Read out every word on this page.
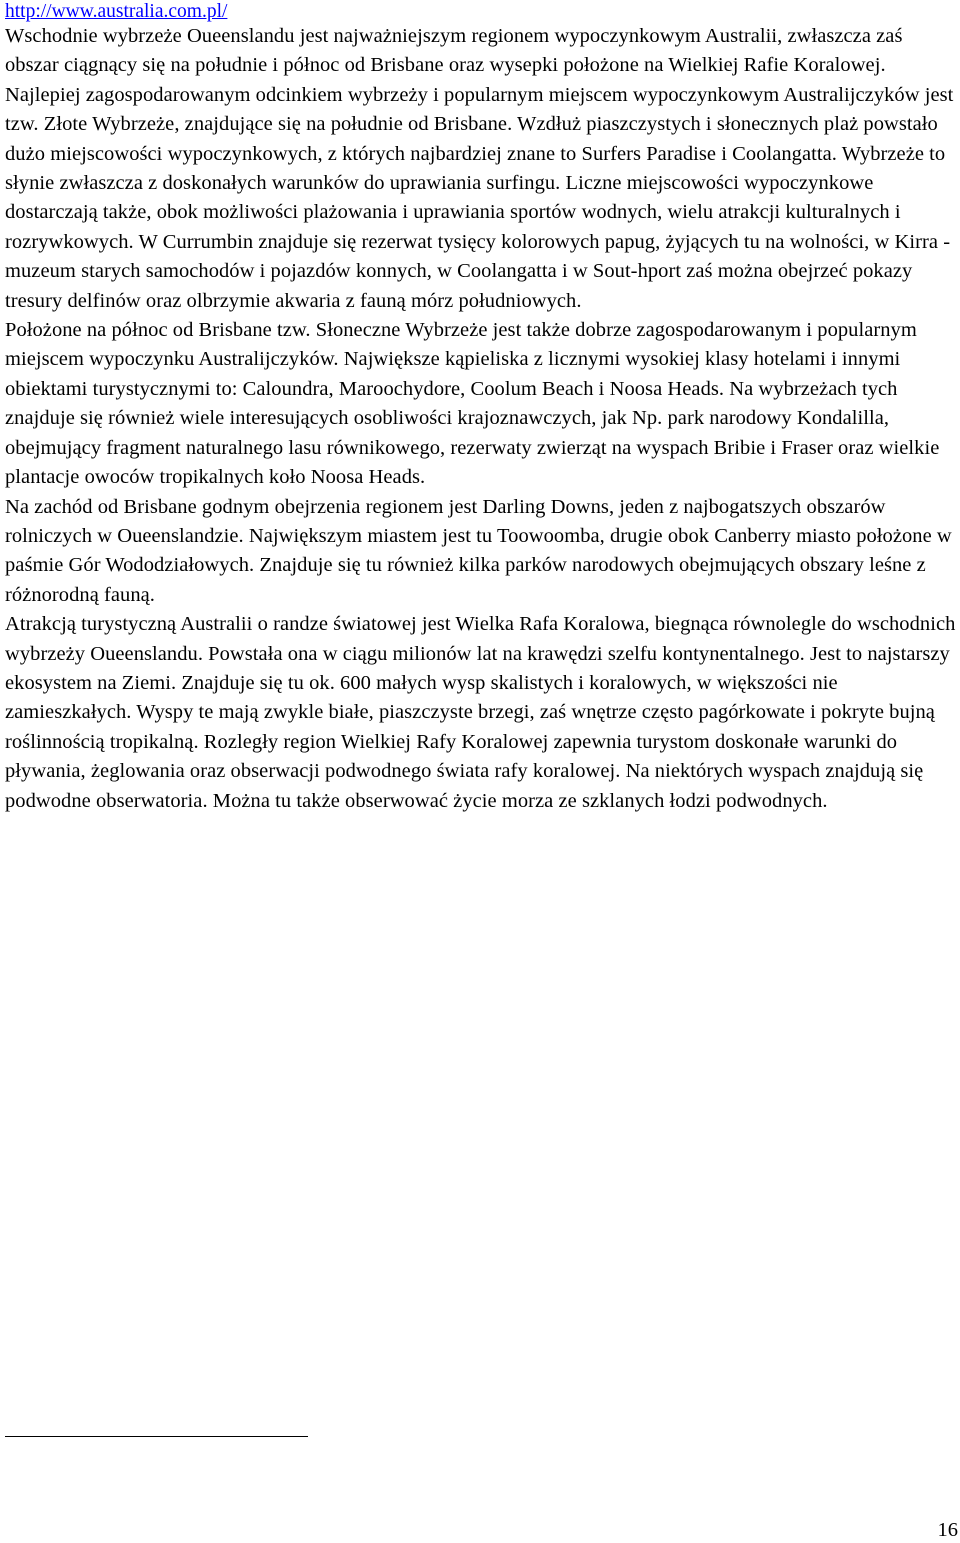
http://www.australia.com.pl/

Wschodnie wybrzeże Oueenslandu jest najważniejszym regionem wypoczynkowym Australii, zwłaszcza zaś obszar ciągnący się na południe i północ od Brisbane oraz wysepki położone na Wielkiej Rafie Koralowej. Najlepiej zagospodarowanym odcinkiem wybrzeży i popularnym miejscem wypoczynkowym Australijczyków jest tzw. Złote Wybrzeże, znajdujące się na południe od Brisbane. Wzdłuż piaszczystych i słonecznych plaż powstało dużo miejscowości wypoczynkowych, z których najbardziej znane to Surfers Paradise i Coolangatta. Wybrzeże to słynie zwłaszcza z doskonałych warunków do uprawiania surfingu. Liczne miejscowości wypoczynkowe dostarczają także, obok możliwości plażowania i uprawiania sportów wodnych, wielu atrakcji kulturalnych i rozrywkowych. W Currumbin znajduje się rezerwat tysięcy kolorowych papug, żyjących tu na wolności, w Kirra - muzeum starych samochodów i pojazdów konnych, w Coolangatta i w Sout-hport zaś można obejrzeć pokazy tresury delfinów oraz olbrzymie akwaria z fauną mórz południowych.

Położone na północ od Brisbane tzw. Słoneczne Wybrzeże jest także dobrze zagospodarowanym i popularnym miejscem wypoczynku Australijczyków. Największe kąpieliska z licznymi wysokiej klasy hotelami i innymi obiektami turystycznymi to: Caloundra, Maroochydore, Coolum Beach i Noosa Heads. Na wybrzeżach tych znajduje się również wiele interesujących osobliwości krajoznawczych, jak Np. park narodowy Kondalilla, obejmujący fragment naturalnego lasu równikowego, rezerwaty zwierząt na wyspach Bribie i Fraser oraz wielkie plantacje owoców tropikalnych koło Noosa Heads.

Na zachód od Brisbane godnym obejrzenia regionem jest Darling Downs, jeden z najbogatszych obszarów rolniczych w Oueenslandzie. Największym miastem jest tu Toowoomba, drugie obok Canberry miasto położone w paśmie Gór Wododziałowych. Znajduje się tu również kilka parków narodowych obejmujących obszary leśne z różnorodną fauną.

Atrakcją turystyczną Australii o randze światowej jest Wielka Rafa Koralowa, biegnąca równolegle do wschodnich wybrzeży Oueenslandu. Powstała ona w ciągu milionów lat na krawędzi szelfu kontynentalnego. Jest to najstarszy ekosystem na Ziemi. Znajduje się tu ok. 600 małych wysp skalistych i koralowych, w większości nie zamieszkałych. Wyspy te mają zwykle białe, piaszczyste brzegi, zaś wnętrze często pagórkowate i pokryte bujną roślinnością tropikalną. Rozległy region Wielkiej Rafy Koralowej zapewnia turystom doskonałe warunki do pływania, żeglowania oraz obserwacji podwodnego świata rafy koralowej. Na niektórych wyspach znajdują się podwodne obserwatoria. Można tu także obserwować życie morza ze szklanych łodzi podwodnych.

16
